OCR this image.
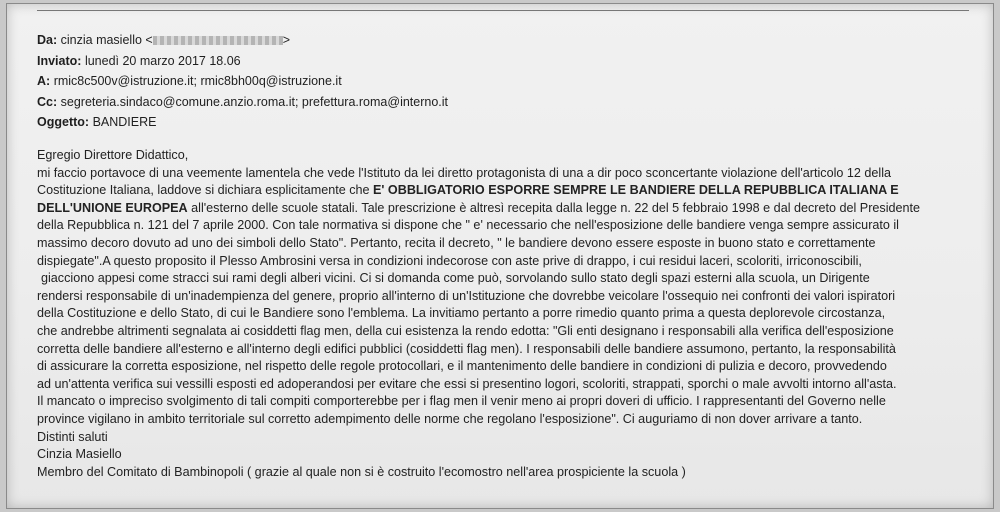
Da: cinzia masiello <	>
Inviato: lunedì 20 marzo 2017 18.06
A: rmic8c500v@istruzione.it; rmic8bh00q@istruzione.it
Cc: segreteria.sindaco@comune.anzio.roma.it; prefettura.roma@interno.it
Oggetto: BANDIERE
Egregio Direttore Didattico,
mi faccio portavoce di una veemente lamentela che vede l'Istituto da lei diretto protagonista di una a dir poco sconcertante violazione dell'articolo 12 della
Costituzione Italiana, laddove si dichiara esplicitamente che E' OBBLIGATORIO ESPORRE SEMPRE LE BANDIERE DELLA REPUBBLICA ITALIANA E
DELL'UNIONE EUROPEA all'esterno delle scuole statali. Tale prescrizione è altresì recepita dalla legge n. 22 del 5 febbraio 1998 e dal decreto del Presidente
della Repubblica n. 121 del 7 aprile 2000. Con tale normativa si dispone che " e' necessario che nell'esposizione delle bandiere venga sempre assicurato il
massimo decoro dovuto ad uno dei simboli dello Stato". Pertanto, recita il decreto, " le bandiere devono essere esposte in buono stato e correttamente
dispiegate".A questo proposito il Plesso Ambrosini versa in condizioni indecorose con aste prive di drappo, i cui residui laceri, scoloriti, irriconoscibili,
giacciono appesi come stracci sui rami degli alberi vicini. Ci si domanda come può, sorvolando sullo stato degli spazi esterni alla scuola, un Dirigente
rendersi responsabile di un'inadempienza del genere, proprio all'interno di un'Istituzione che dovrebbe veicolare l'ossequio nei confronti dei valori ispiratori
della Costituzione e dello Stato, di cui le Bandiere sono l'emblema. La invitiamo pertanto a porre rimedio quanto prima a questa deplorevole circostanza,
che andrebbe altrimenti segnalata ai cosiddetti flag men, della cui esistenza la rendo edotta: "Gli enti designano i responsabili alla verifica dell'esposizione
corretta delle bandiere all'esterno e all'interno degli edifici pubblici (cosiddetti flag men). I responsabili delle bandiere assumono, pertanto, la responsabilità
di assicurare la corretta esposizione, nel rispetto delle regole protocollari, e il mantenimento delle bandiere in condizioni di pulizia e decoro, provvedendo
ad un'attenta verifica sui vessilli esposti ed adoperandosi per evitare che essi si presentino logori, scoloriti, strappati, sporchi o male avvolti intorno all'asta.
Il mancato o impreciso svolgimento di tali compiti comporterebbe per i flag men il venir meno ai propri doveri di ufficio. I rappresentanti del Governo nelle
province vigilano in ambito territoriale sul corretto adempimento delle norme che regolano l'esposizione". Ci auguriamo di non dover arrivare a tanto.
Distinti saluti
Cinzia Masiello
Membro del Comitato di Bambinopoli ( grazie al quale non si è costruito l'ecomostro nell'area prospiciente la scuola )
